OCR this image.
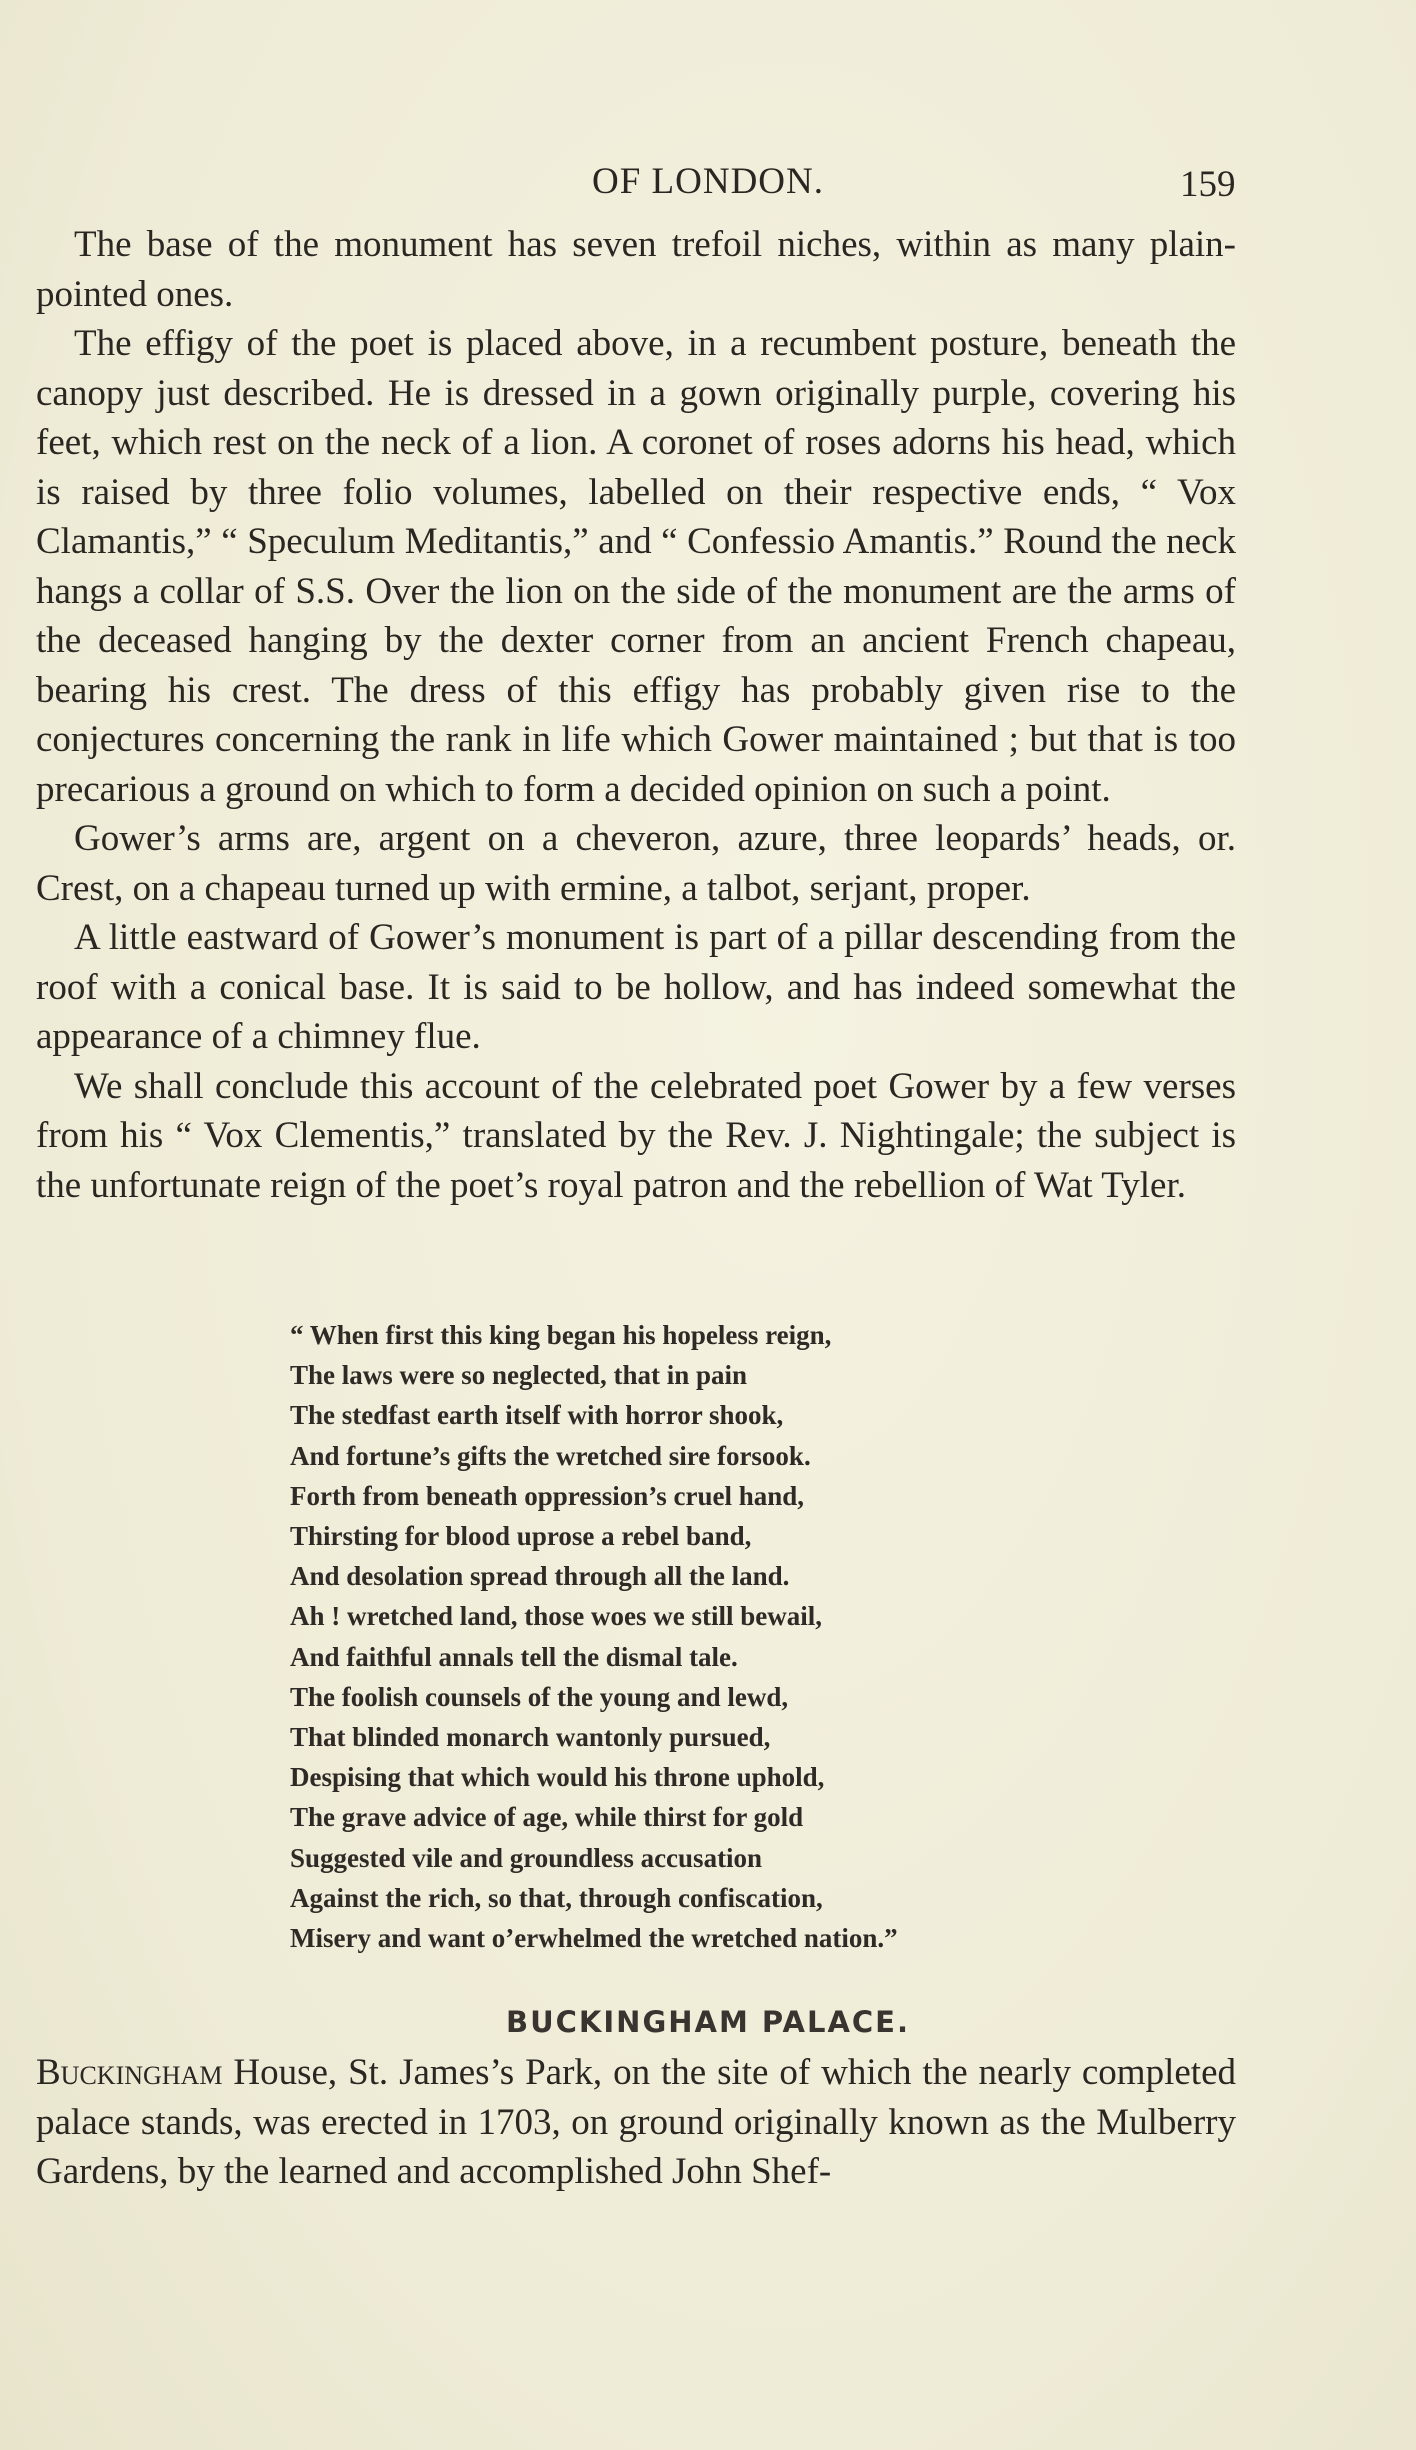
OF LONDON.	159

The base of the monument has seven trefoil niches, within as many plain-pointed ones.

The effigy of the poet is placed above, in a recumbent posture, beneath the canopy just described. He is dressed in a gown originally purple, covering his feet, which rest on the neck of a lion. A coronet of roses adorns his head, which is raised by three folio volumes, labelled on their respective ends, “ Vox Clamantis,” “ Speculum Meditantis,” and “ Confessio Amantis.” Round the neck hangs a collar of S.S. Over the lion on the side of the monument are the arms of the deceased hanging by the dexter corner from an ancient French chapeau, bearing his crest. The dress of this effigy has probably given rise to the conjectures concerning the rank in life which Gower maintained ; but that is too precarious a ground on which to form a decided opinion on such a point.

Gower’s arms are, argent on a cheveron, azure, three leopards’ heads, or. Crest, on a chapeau turned up with ermine, a talbot, serjant, proper.

A little eastward of Gower’s monument is part of a pillar descending from the roof with a conical base. It is said to be hollow, and has indeed somewhat the appearance of a chimney flue.

We shall conclude this account of the celebrated poet Gower by a few verses from his “ Vox Clementis,” translated by the Rev. J. Nightingale; the subject is the unfortunate reign of the poet’s royal patron and the rebellion of Wat Tyler.

“ When first this king began his hopeless reign,
The laws were so neglected, that in pain
The stedfast earth itself with horror shook,
And fortune’s gifts the wretched sire forsook.
Forth from beneath oppression’s cruel hand,
Thirsting for blood uprose a rebel band,
And desolation spread through all the land.
Ah ! wretched land, those woes we still bewail,
And faithful annals tell the dismal tale.
The foolish counsels of the young and lewd,
That blinded monarch wantonly pursued,
Despising that which would his throne uphold,
The grave advice of age, while thirst for gold
Suggested vile and groundless accusation
Against the rich, so that, through confiscation,
Misery and want o’erwhelmed the wretched nation.”
BUCKINGHAM PALACE.

Buckingham House, St. James’s Park, on the site of which the nearly completed palace stands, was erected in 1703, on ground originally known as the Mulberry Gardens, by the learned and accomplished John Shef-
